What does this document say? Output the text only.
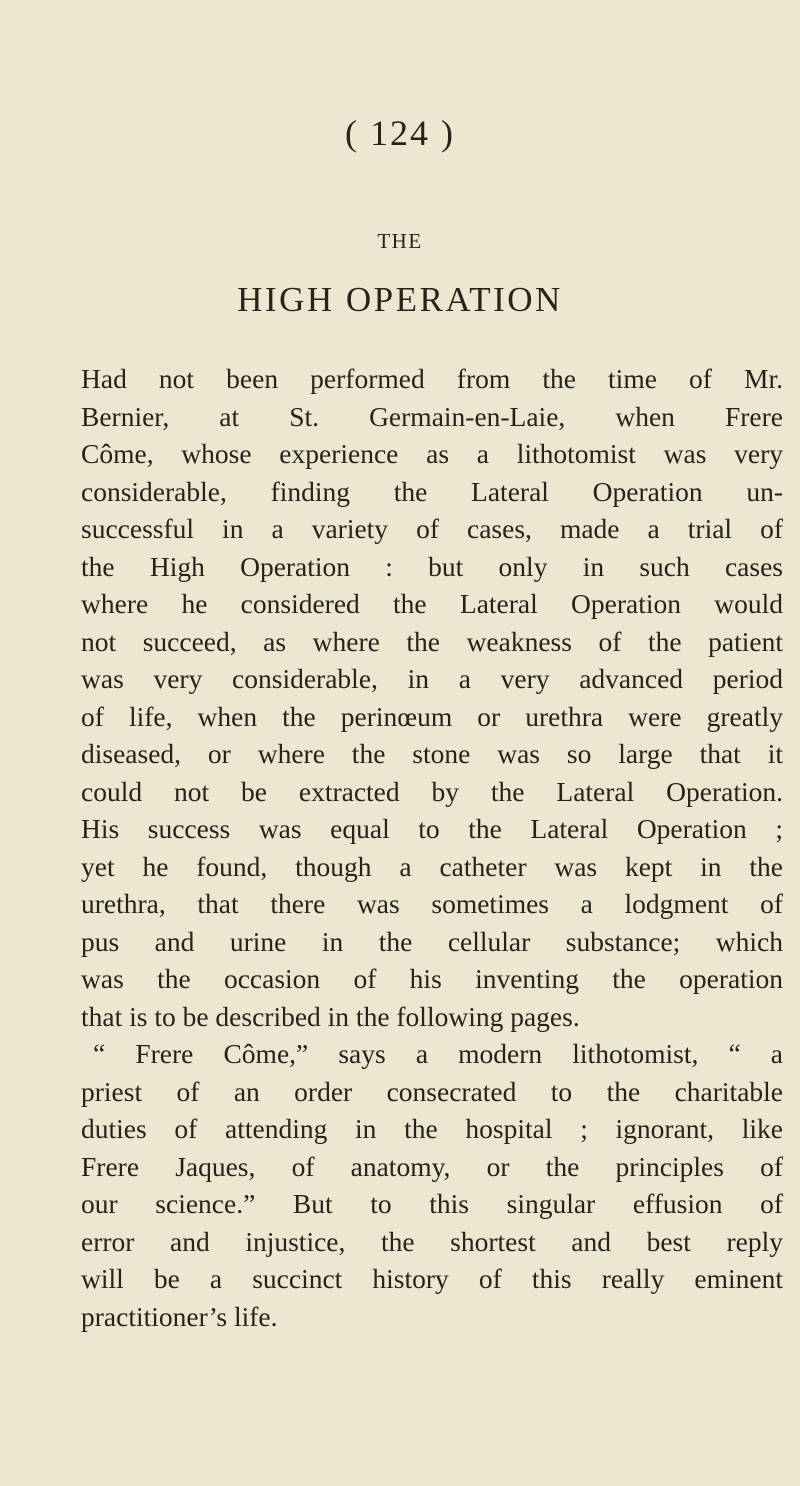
( 124 )
THE
HIGH OPERATION
Had not been performed from the time of Mr.
Bernier, at St. Germain-en-Laie, when Frere
Côme, whose experience as a lithotomist was very
considerable, finding the Lateral Operation un-
successful in a variety of cases, made a trial of
the High Operation : but only in such cases
where he considered the Lateral Operation would
not succeed, as where the weakness of the patient
was very considerable, in a very advanced period
of life, when the perinœum or urethra were greatly
diseased, or where the stone was so large that it
could not be extracted by the Lateral Operation.
His success was equal to the Lateral Operation ;
yet he found, though a catheter was kept in the
urethra, that there was sometimes a lodgment of
pus and urine in the cellular substance; which
was the occasion of his inventing the operation
that is to be described in the following pages.
“ Frere Côme,” says a modern lithotomist, “ a
priest of an order consecrated to the charitable
duties of attending in the hospital ; ignorant, like
Frere Jaques, of anatomy, or the principles of
our science.” But to this singular effusion of
error and injustice, the shortest and best reply
will be a succinct history of this really eminent
practitioner’s life.
